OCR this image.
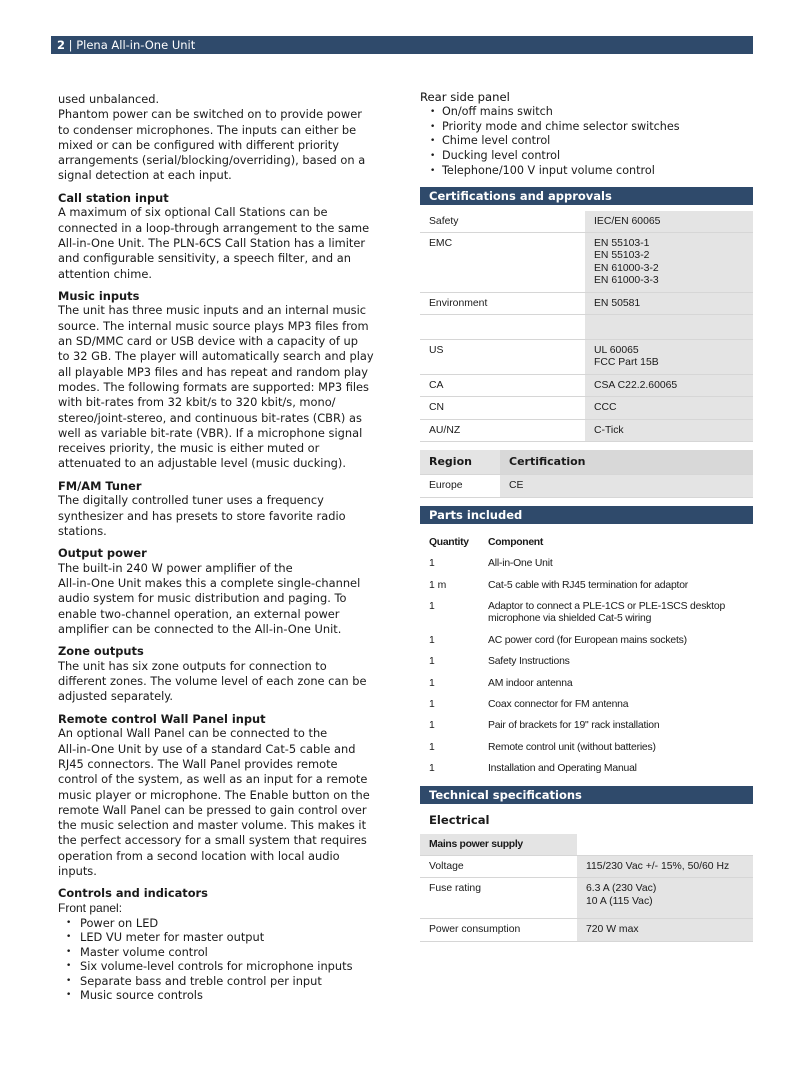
2 | Plena All-in-One Unit

used unbalanced.

Phantom power can be switched on to provide power

to condenser microphones. The inputs can either be

mixed or can be configured with different priority

arrangements (serial/blocking/overriding), based on a

signal detection at each input.

Call station input

A maximum of six optional Call Stations can be

connected in a loop-through arrangement to the same

All-in-One Unit. The PLN-6CS Call Station has a limiter

and configurable sensitivity, a speech filter, and an

attention chime.

Music inputs

The unit has three music inputs and an internal music

source. The internal music source plays MP3 files from

an SD/MMC card or USB device with a capacity of up

to 32 GB. The player will automatically search and play

all playable MP3 files and has repeat and random play

modes. The following formats are supported: MP3 files

with bit-rates from 32 kbit/s to 320 kbit/s, mono/

stereo/joint-stereo, and continuous bit-rates (CBR) as

well as variable bit-rate (VBR). If a microphone signal

receives priority, the music is either muted or

attenuated to an adjustable level (music ducking).

FM/AM Tuner

The digitally controlled tuner uses a frequency

synthesizer and has presets to store favorite radio

stations.

Output power

The built-in 240 W power amplifier of the

All-in-One Unit makes this a complete single-channel

audio system for music distribution and paging. To

enable two-channel operation, an external power

amplifier can be connected to the All-in-One Unit.

Zone outputs

The unit has six zone outputs for connection to

different zones. The volume level of each zone can be

adjusted separately.

Remote control Wall Panel input

An optional Wall Panel can be connected to the

All-in-One Unit by use of a standard Cat-5 cable and

RJ45 connectors. The Wall Panel provides remote

control of the system, as well as an input for a remote

music player or microphone. The Enable button on the

remote Wall Panel can be pressed to gain control over

the music selection and master volume. This makes it

the perfect accessory for a small system that requires

operation from a second location with local audio

inputs.

Controls and indicators
Front panel:
• Power on LED
• LED VU meter for master output
• Master volume control
• Six volume-level controls for microphone inputs
• Separate bass and treble control per input
• Music source controls
Rear side panel
• On/off mains switch
• Priority mode and chime selector switches
• Chime level control
• Ducking level control
• Telephone/100 V input volume control
Certifications and approvals
Safety	IEC/EN 60065

EMC	EN 55103-1
EN 55103-2
EN 61000-3-2
EN 61000-3-3

Environment	EN 50581

US	UL 60065
FCC Part 15B

CA	CSA C22.2.60065

CN	CCC

AU/NZ	C-Tick
Region	Certification
Europe	CE
Parts included
Quantity	Component
1	All-in-One Unit
1 m	Cat-5 cable with RJ45 termination for adaptor
1	Adaptor to connect a PLE-1CS or PLE-1SCS desktop microphone via shielded Cat-5 wiring
1	AC power cord (for European mains sockets)
1	Safety Instructions
1	AM indoor antenna
1	Coax connector for FM antenna
1	Pair of brackets for 19" rack installation
1	Remote control unit (without batteries)
1	Installation and Operating Manual
Technical specifications
Electrical
Mains power supply	
Voltage	115/230 Vac +/- 15%, 50/60 Hz

Fuse rating	6.3 A (230 Vac)
10 A (115 Vac)

Power consumption	720 W max
